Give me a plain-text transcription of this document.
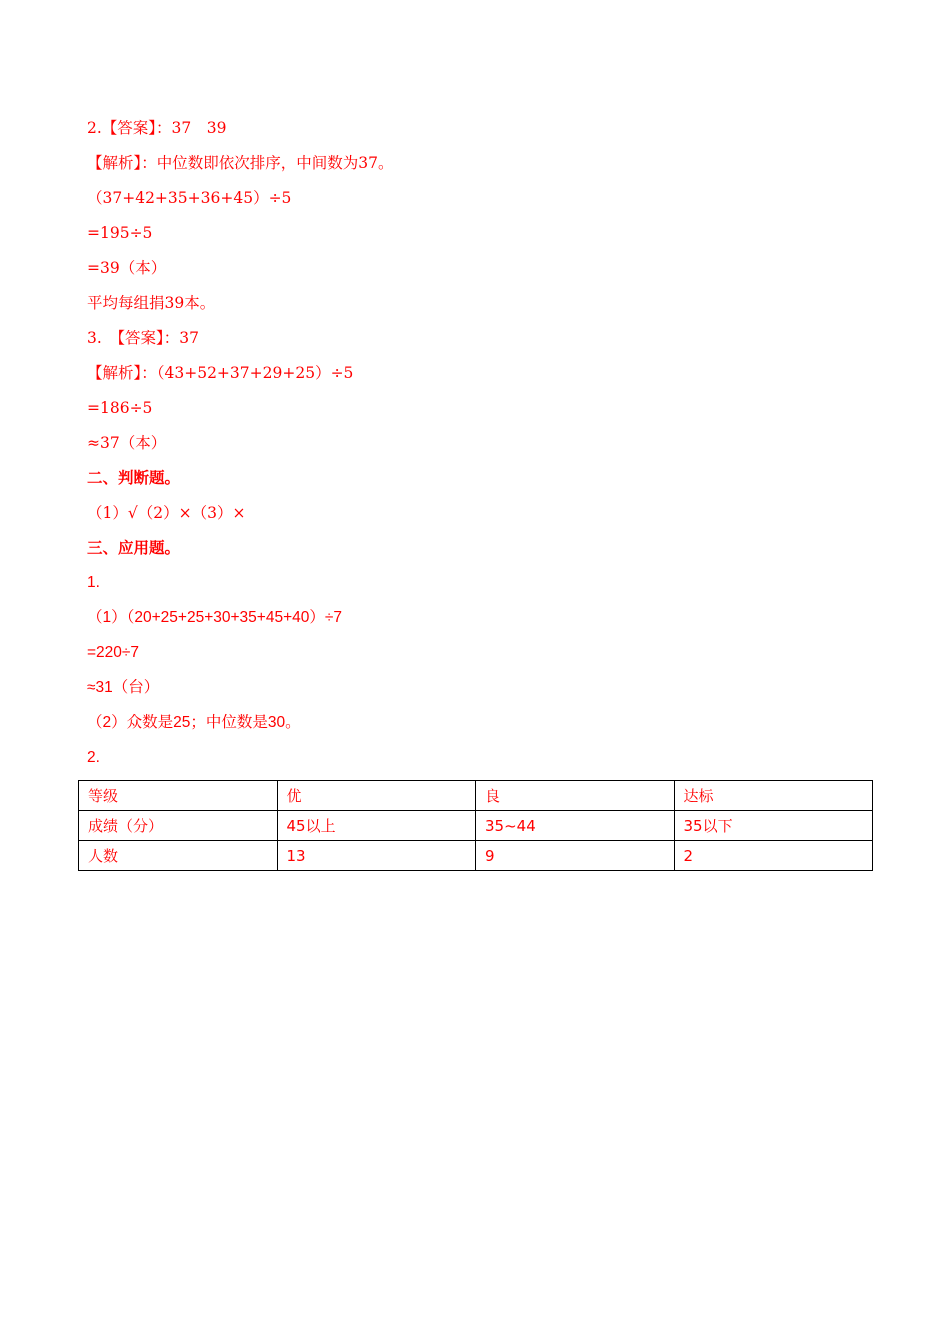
2.【答案】：37　39
【解析】：中位数即依次排序，中间数为37。
（37+42+35+36+45）÷5
=195÷5
=39（本）
平均每组捐39本。
3.　【答案】：37
【解析】：（43+52+37+29+25）÷5
=186÷5
≈37（本）
二、判断题。
（1）√（2）×（3）×
三、应用题。
1.
（1）（20+25+25+30+35+45+40）÷7
=220÷7
≈31（台）
（2）众数是25；中位数是30。
2.
等级	优	良	达标
成绩（分）	45以上	35~44	35以下
人数	13	9	2
